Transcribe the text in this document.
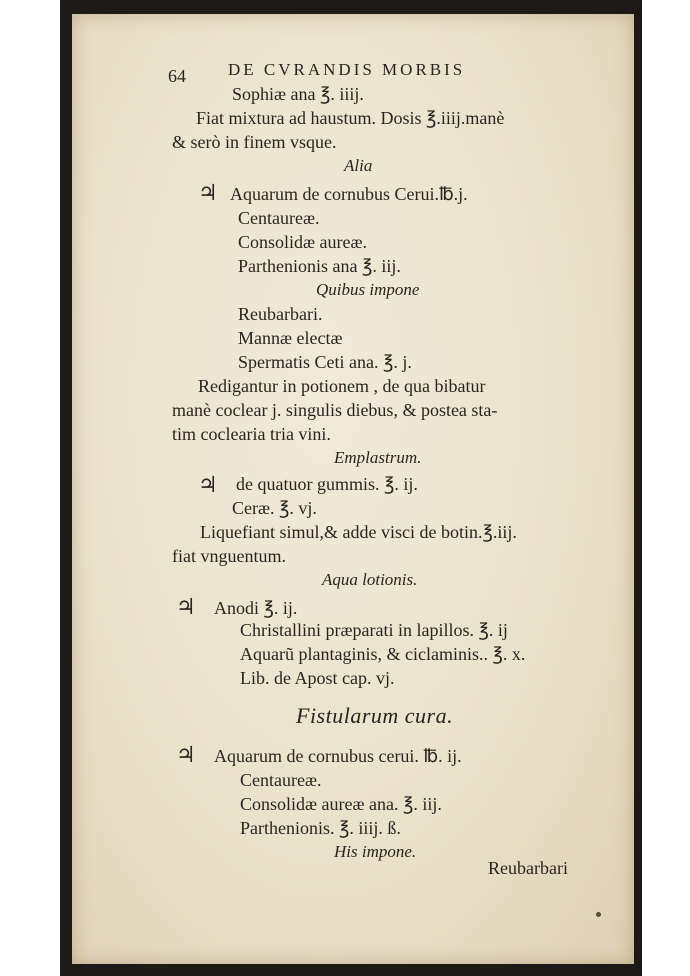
64 DE CVRANDIS MORBIS
Sophiæ ana ℥. iiij.
Fiat mixtura ad haustum. Dosis ℥.iiij.manè
& serò in finem vsque.
Alia
♃ Aquarum de cornubus Cerui.℔.j.
Centaureæ.
Consolidæ aureæ.
Parthenionis ana ℥. iij.
Quibus impone
Reubarbari.
Mannæ electæ
Spermatis Ceti ana. ℥. j.
Redigantur in potionem , de qua bibatur
manè coclear j. singulis diebus, & postea sta-
tim coclearia tria vini.
Emplastrum.
♃ de quatuor gummis. ℥. ij.
Ceræ. ℥. vj.
Liquefiant simul,& adde visci de botin.℥.iij.
fiat vnguentum.
Aqua lotionis.
♃ Anodi ℥. ij.
Christallini præparati in lapillos. ℥. ij
Aquarũ plantaginis, & ciclaminis.. ℥. x.
Lib. de Apost cap. vj.
Fistularum cura.
♃ Aquarum de cornubus cerui. ℔. ij.
Centaureæ.
Consolidæ aureæ ana. ℥. iij.
Parthenionis. ℥. iiij. ß.
His impone.
Reubarbari
